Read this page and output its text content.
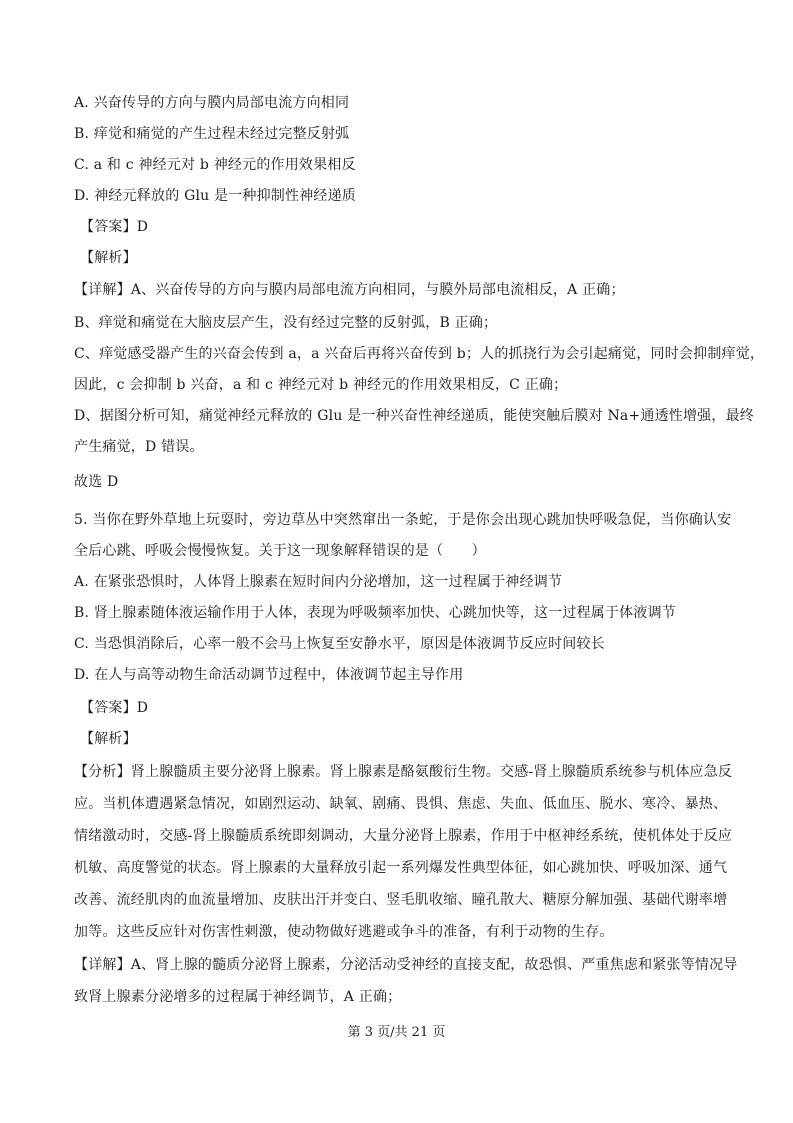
A. 兴奋传导的方向与膜内局部电流方向相同
B. 痒觉和痛觉的产生过程未经过完整反射弧
C. a 和 c 神经元对 b 神经元的作用效果相反
D. 神经元释放的 Glu 是一种抑制性神经递质
【答案】D
【解析】
【详解】A、兴奋传导的方向与膜内局部电流方向相同，与膜外局部电流相反，A 正确；
B、痒觉和痛觉在大脑皮层产生，没有经过完整的反射弧，B 正确；
C、痒觉感受器产生的兴奋会传到 a，a 兴奋后再将兴奋传到 b；人的抓挠行为会引起痛觉，同时会抑制痒觉，
因此，c 会抑制 b 兴奋，a 和 c 神经元对 b 神经元的作用效果相反，C 正确；
D、据图分析可知，痛觉神经元释放的 Glu 是一种兴奋性神经递质，能使突触后膜对 Na+通透性增强，最终
产生痛觉，D 错误。
故选 D
5. 当你在野外草地上玩耍时，旁边草丛中突然窜出一条蛇，于是你会出现心跳加快呼吸急促，当你确认安
全后心跳、呼吸会慢慢恢复。关于这一现象解释错误的是（　　）
A. 在紧张恐惧时，人体肾上腺素在短时间内分泌增加，这一过程属于神经调节
B. 肾上腺素随体液运输作用于人体，表现为呼吸频率加快、心跳加快等，这一过程属于体液调节
C. 当恐惧消除后，心率一般不会马上恢复至安静水平，原因是体液调节反应时间较长
D. 在人与高等动物生命活动调节过程中，体液调节起主导作用
【答案】D
【解析】
【分析】肾上腺髓质主要分泌肾上腺素。肾上腺素是酪氨酸衍生物。交感-肾上腺髓质系统参与机体应急反
应。当机体遭遇紧急情况，如剧烈运动、缺氧、剧痛、畏惧、焦虑、失血、低血压、脱水、寒冷、暴热、
情绪激动时，交感-肾上腺髓质系统即刻调动，大量分泌肾上腺素，作用于中枢神经系统，使机体处于反应
机敏、高度警觉的状态。肾上腺素的大量释放引起一系列爆发性典型体征，如心跳加快、呼吸加深、通气
改善、流经肌肉的血流量增加、皮肤出汗并变白、竖毛肌收缩、瞳孔散大、糖原分解加强、基础代谢率增
加等。这些反应针对伤害性刺激，使动物做好逃避或争斗的准备，有利于动物的生存。
【详解】A、肾上腺的髓质分泌肾上腺素，分泌活动受神经的直接支配，故恐惧、严重焦虑和紧张等情况导
致肾上腺素分泌增多的过程属于神经调节，A 正确；
第 3 页/共 21 页
